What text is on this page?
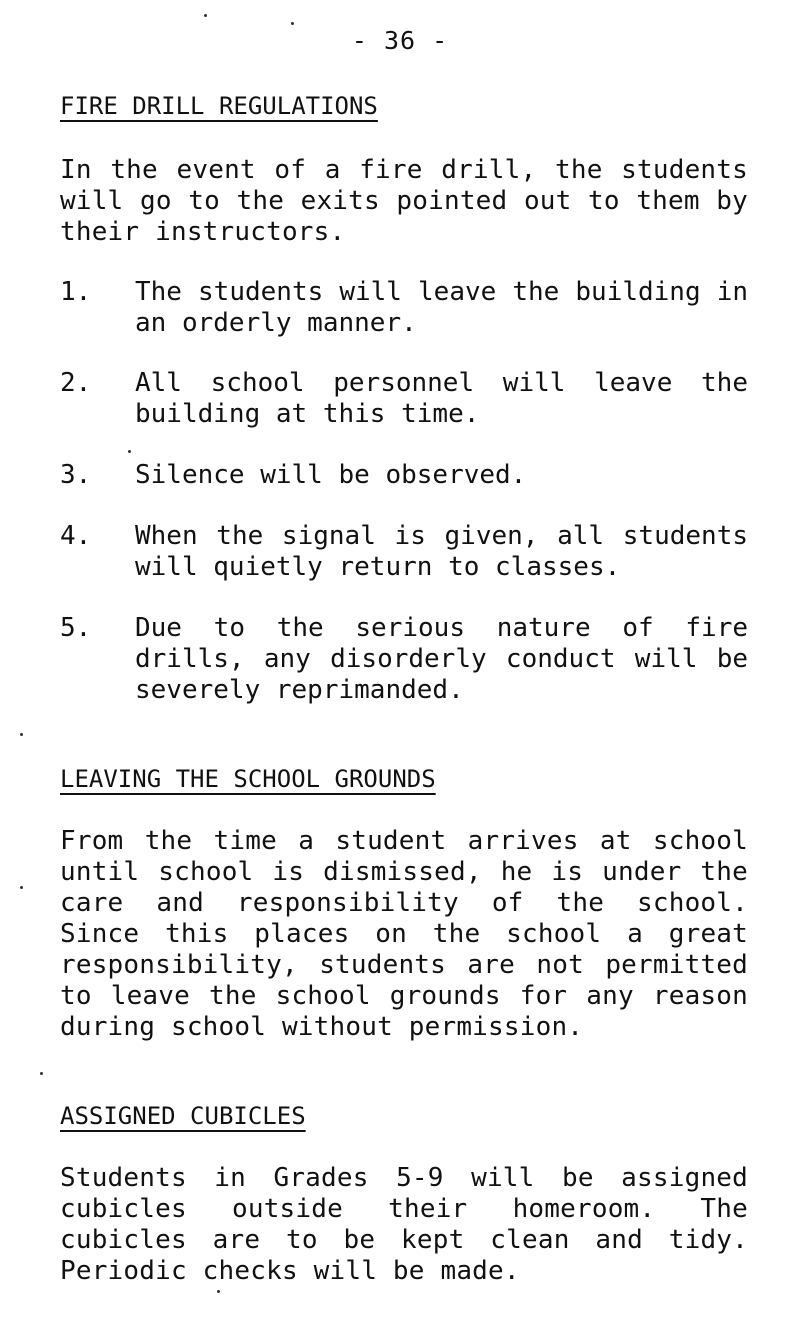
- 36 -
FIRE DRILL REGULATIONS
In the event of a fire drill, the students will go to the exits pointed out to them by their instructors.
1.	The students will leave the building in an orderly manner.
2.	All school personnel will leave the building at this time.
3.	Silence will be observed.
4.	When the signal is given, all students will quietly return to classes.
5.	Due to the serious nature of fire drills, any disorderly conduct will be severely reprimanded.
LEAVING THE SCHOOL GROUNDS
From the time a student arrives at school until school is dismissed, he is under the care and responsibility of the school. Since this places on the school a great responsibility, students are not permitted to leave the school grounds for any reason during school without permission.
ASSIGNED CUBICLES
Students in Grades 5-9 will be assigned cubicles outside their homeroom. The cubicles are to be kept clean and tidy. Periodic checks will be made.
